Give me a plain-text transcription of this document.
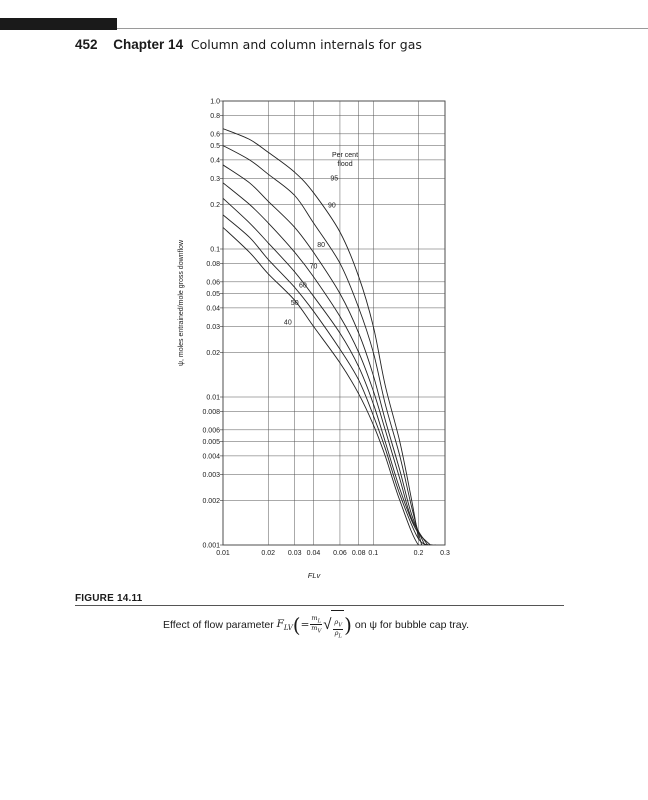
452 Chapter 14 Column and column internals for gas
0.01	0.02 0.03 0.04 0.06 0.08 0.1	0.2 0.3
0.001
0.002
0.003
0.004
0.005
0.006
0.008
0.01
0.02
0.03
0.04
0.05
0.06
0.08
0.1
0.2
0.3
0.4
0.5
0.6
0.8
1.0
FLv
ψ, moles entrained/mole gross downflow
95
90
80
70
60
50
40
Per cent
flood
FIGURE 14.11
Effect of flow parameter
$F_{LV}$ ( = $\frac{m_L}{m_V}$ √ $\frac{\rho_V}{\rho_L}$ )
on ψ for bubble cap tray.
